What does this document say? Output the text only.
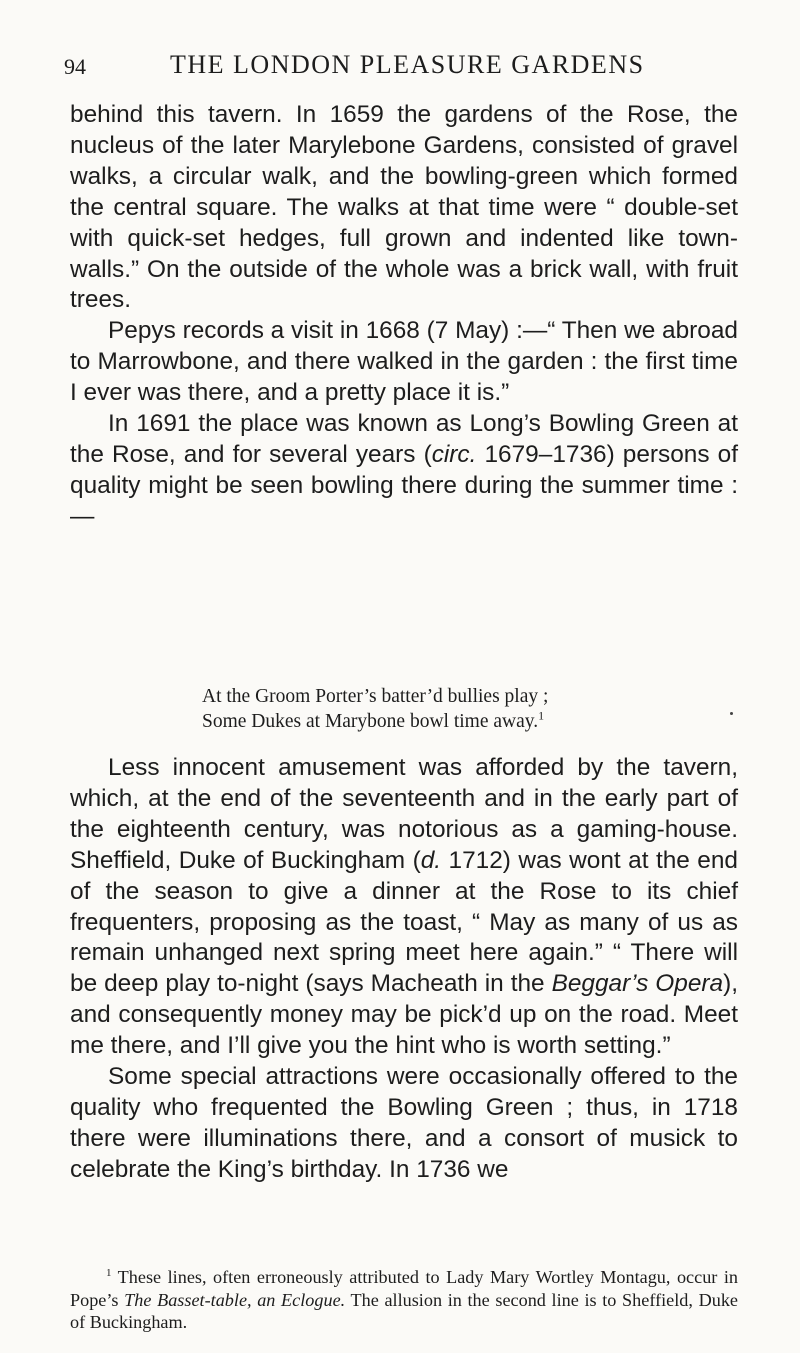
94	THE LONDON PLEASURE GARDENS

behind this tavern. In 1659 the gardens of the Rose, the nucleus of the later Marylebone Gardens, consisted of gravel walks, a circular walk, and the bowling-green which formed the central square. The walks at that time were “ double-set with quick-set hedges, full grown and indented like town-walls.” On the outside of the whole was a brick wall, with fruit trees.

Pepys records a visit in 1668 (7 May) :—“ Then we abroad to Marrowbone, and there walked in the garden : the first time I ever was there, and a pretty place it is.”

In 1691 the place was known as Long’s Bowling Green at the Rose, and for several years (circ. 1679–1736) persons of quality might be seen bowling there during the summer time :—

At the Groom Porter’s batter’d bullies play ;
Some Dukes at Marybone bowl time away.$^1$

Less innocent amusement was afforded by the tavern, which, at the end of the seventeenth and in the early part of the eighteenth century, was notorious as a gaming-house. Sheffield, Duke of Buckingham (d. 1712) was wont at the end of the season to give a dinner at the Rose to its chief frequenters, proposing as the toast, “ May as many of us as remain unhanged next spring meet here again.” “ There will be deep play to-night (says Macheath in the Beggar’s Opera), and consequently money may be pick’d up on the road. Meet me there, and I’ll give you the hint who is worth setting.”

Some special attractions were occasionally offered to the quality who frequented the Bowling Green ; thus, in 1718 there were illuminations there, and a consort of musick to celebrate the King’s birthday. In 1736 we

$^1$ These lines, often erroneously attributed to Lady Mary Wortley Montagu, occur in Pope’s The Basset-table, an Eclogue. The allusion in the second line is to Sheffield, Duke of Buckingham.
